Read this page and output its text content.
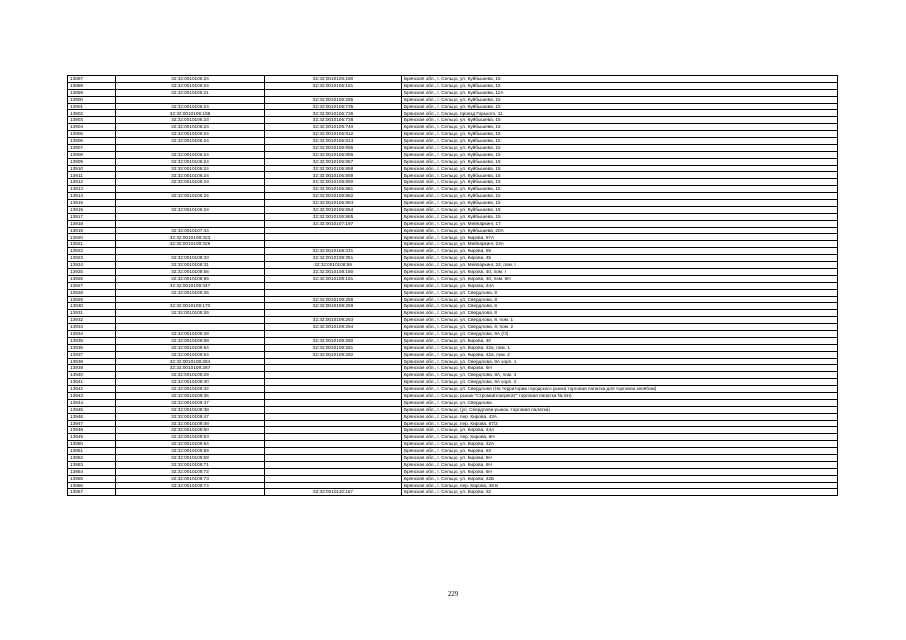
13897	32:32:0010106:24	32:32:0010106:180	Брянская обл., г. Сельцо, ул. Куйбышева, 15
13898	32:32:0010106:24	32:32:0010106:181	Брянская обл., г. Сельцо, ул. Куйбышева, 15
13899	32:32:0010106:21		Брянская обл., г. Сельцо, ул. Куйбышева, 11А
13900		32:32:0010106:285	Брянская обл., г. Сельцо, ул. Куйбышева, 15
13901	32:32:0010106:24	32:32:0010106:735	Брянская обл., г. Сельцо, ул. Куйбышева, 15
13902	32:32:0010106:188	32:32:0010106:736	Брянская обл., г. Сельцо, проезд Горького, 11
13903	32:32:0010106:24	32:32:0010106:738	Брянская обл., г. Сельцо, ул. Куйбышева, 15
13904	32:32:0010106:24	32:32:0010106:740	Брянская обл., г. Сельцо, ул. Куйбышева, 15
13905	32:32:0010106:24	32:32:0010106:812	Брянская обл., г. Сельцо, ул. Куйбышева, 15
13906	32:32:0010106:24	32:32:0010106:813	Брянская обл., г. Сельцо, ул. Куйбышева, 15
13907		32:32:0010106:855	Брянская обл., г. Сельцо, ул. Куйбышева, 15
13908	32:32:0010106:24	32:32:0010106:856	Брянская обл., г. Сельцо, ул. Куйбышева, 15
13909	32:32:0010106:24	32:32:0010106:857	Брянская обл., г. Сельцо, ул. Куйбышева, 15
13910	32:32:0010106:24	32:32:0010106:858	Брянская обл., г. Сельцо, ул. Куйбышева, 15
13911	32:32:0010106:24	32:32:0010106:859	Брянская обл., г. Сельцо, ул. Куйбышева, 15
13912	32:32:0010106:24	32:32:0010106:860	Брянская обл., г. Сельцо, ул. Куйбышева, 15
13913		32:32:0010106:861	Брянская обл., г. Сельцо, ул. Куйбышева, 15
13914	32:32:0010106:24	32:32:0010106:862	Брянская обл., г. Сельцо, ул. Куйбышева, 15
13915		32:32:0010106:863	Брянская обл., г. Сельцо, ул. Куйбышева, 15
13916	32:32:0010106:24	32:32:0010106:864	Брянская обл., г. Сельцо, ул. Куйбышева, 15
13917		32:32:0010106:865	Брянская обл., г. Сельцо, ул. Куйбышева, 15
13918		32:32:0010107:197	Брянская обл., г. Сельцо, ул. Мейпаркинг, 17
13919	32:32:0010107:44		Брянская обл., г. Сельцо, ул. Куйбышева, 20А
13920	32:32:0010108:323		Брянская обл., г. Сельцо, ул. Кирова, 57А
13921	32:32:0010108:329		Брянская обл., г. Сельцо, ул. Мейпаркинг, 23А
13922		32:32:0010108:331	Брянская обл., г. Сельцо, ул. Кирова, 55
13923	32:32:0010108:33	32:32:0010108:351	Брянская обл., г. Сельцо, ул. Кирова, 45
13924	32:32:0010108:31	32:32:0010108:59	Брянская обл., г. Сельцо, ул. Мейпаркинг, 24, пом. I
13925	32:32:0010108:56	32:32:0010108:180	Брянская обл., г. Сельцо, ул. Кирова, 40, пом. I
13926	32:32:0010108:56	32:32:0010108:181	Брянская обл., г. Сельцо, ул. Кирова, 40, пом. 6Н
13927	32:32:0010109:347		Брянская обл., г. Сельцо, ул. Кирова, 44А
13928	32:32:0010109:25		Брянская обл., г. Сельцо, ул. Свердлова, 9
13929		32:32:0010109:258	Брянская обл., г. Сельцо, ул. Свердлова, 8
13930	32:32:0010109:170	32:32:0010109:259	Брянская обл., г. Сельцо, ул. Свердлова, 8
13931	32:32:0010109:26		Брянская обл., г. Сельцо, ул. Свердлова, 8
13932		32:32:0010109:263	Брянская обл., г. Сельцо, ул. Свердлова, 8, пом. 1
13933		32:32:0010109:264	Брянская обл., г. Сельцо, ул. Свердлова, 8, пом. 2
13934	32:32:0010109:28		Брянская обл., г. Сельцо, ул. Свердлова, 8А (/3)
13935	32:32:0010109:58	32:32:0010109:280	Брянская обл., г. Сельцо, ул. Кирова, 40
13936	32:32:0010109:54	32:32:0010109:281	Брянская обл., г. Сельцо, ул. Кирова, 42а, пом. 1
13937	32:32:0010109:54	32:32:0010109:282	Брянская обл., г. Сельцо, ул. Кирова, 42а, пом. 2
13938	32:32:0010109:284		Брянская обл., г. Сельцо, ул. Свердлова, 8А корп. 1
13939	32:32:0010109:287		Брянская обл., г. Сельцо, ул. Кирова, 6Н
13940	32:32:0010109:29		Брянская обл., г. Сельцо, ул. Свердлова, 8А, пом. 4
13941	32:32:0010109:30		Брянская обл., г. Сельцо, ул. Свердлова, 8А корп. 2
13942	32:32:0010109:32		Брянская обл., г. Сельцо, ул. Свердлова (На территории городского рынка торговая палатка для торговли зелёбом)
13943	32:32:0010109:36		Брянская обл., г. Сельцо, рынок "Стромавтоагрегат" торговая палатка № 6Н)
13944	32:32:0010109:37		Брянская обл., г. Сельцо, ул. Свердлова
13945	32:32:0010109:38		Брянская обл., г. Сельцо, (ул. Свердлова-рынок, торговая палатка)
13946	32:32:0010109:47		Брянская обл., г. Сельцо, пер. Кирова, 43А
13947	32:32:0010109:48		Брянская обл., г. Сельцо, пер. Кирова, 67/2
13948	32:32:0010109:50		Брянская обл., г. Сельцо, ул. Кирова, 44А
13949	32:32:0010109:53		Брянская обл., г. Сельцо, пер. Кирова, 6Н
13950	32:32:0010109:54		Брянская обл., г. Сельцо, ул. Кирова, 42А
13951	32:32:0010109:59		Брянская обл., г. Сельцо, ул. Кирова, 63
13952	32:32:0010109:69		Брянская обл., г. Сельцо, ул. Кирова, 6Н
13953	32:32:0010109:71		Брянская обл., г. Сельцо, ул. Кирова, 6Н
13954	32:32:0010109:72		Брянская обл., г. Сельцо, ул. Кирова, 6Н
13955	32:32:0010109:73		Брянская обл., г. Сельцо, ул. Кирова, 42Б
13956	32:32:0010109:74		Брянская обл., г. Сельцо, пер. Кирова, 48 Б
13957		32:32:0010110:157	Брянская обл., г. Сельцо, ул. Кирова, 32
229
